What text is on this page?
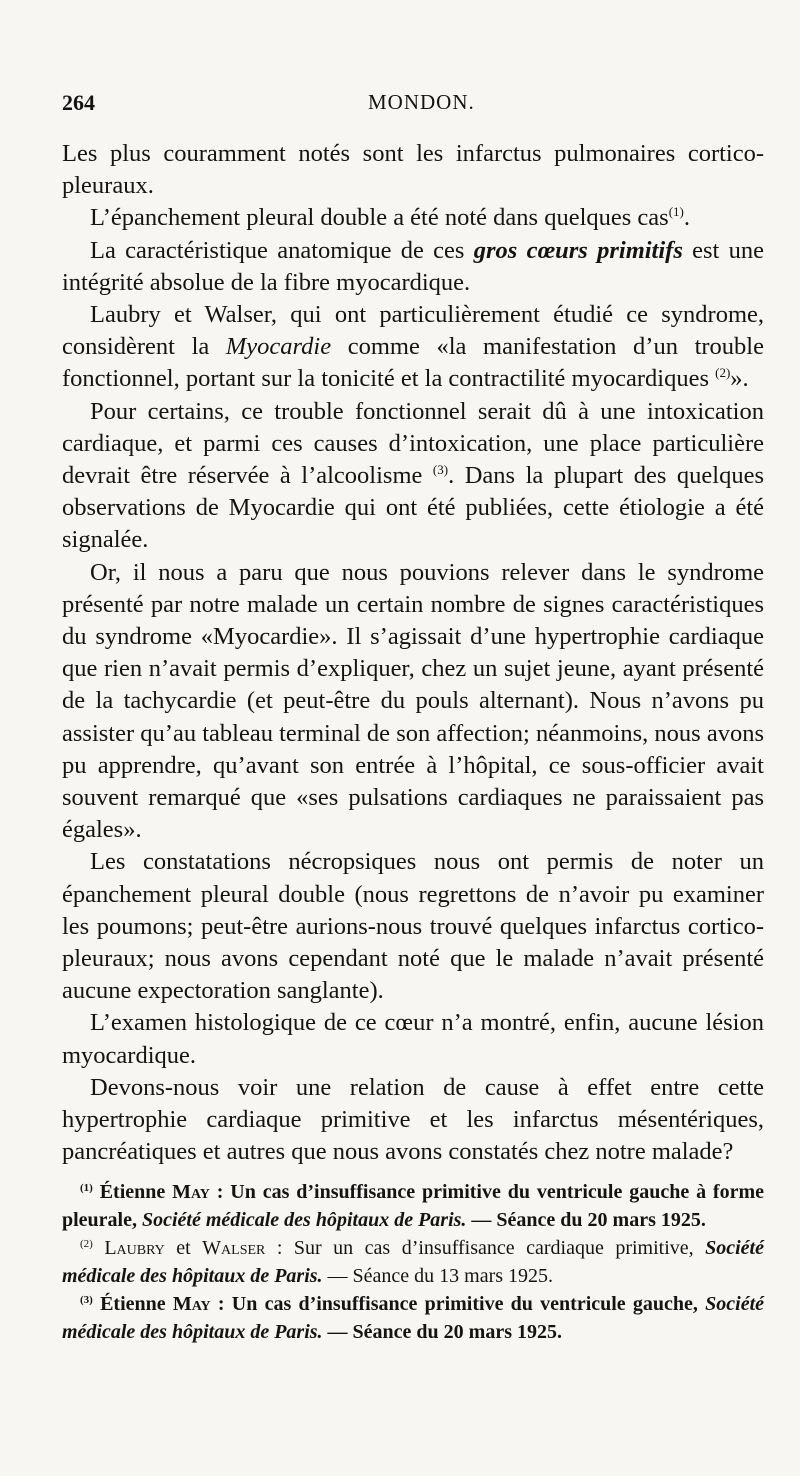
264	MONDON.

Les plus couramment notés sont les infarctus pulmonaires cortico-pleuraux.

L’épanchement pleural double a été noté dans quelques cas$^{(1)}$.

La caractéristique anatomique de ces gros cœurs primitifs est une intégrité absolue de la fibre myocardique.

Laubry et Walser, qui ont particulièrement étudié ce syndrome, considèrent la Myocardie comme «la manifestation d’un trouble fonctionnel, portant sur la tonicité et la contractilité myocardiques $^{(2)}$».

Pour certains, ce trouble fonctionnel serait dû à une intoxication cardiaque, et parmi ces causes d’intoxication, une place particulière devrait être réservée à l’alcoolisme $^{(3)}$. Dans la plupart des quelques observations de Myocardie qui ont été publiées, cette étiologie a été signalée.

Or, il nous a paru que nous pouvions relever dans le syndrome présenté par notre malade un certain nombre de signes caractéristiques du syndrome «Myocardie». Il s’agissait d’une hypertrophie cardiaque que rien n’avait permis d’expliquer, chez un sujet jeune, ayant présenté de la tachycardie (et peut-être du pouls alternant). Nous n’avons pu assister qu’au tableau terminal de son affection; néanmoins, nous avons pu apprendre, qu’avant son entrée à l’hôpital, ce sous-officier avait souvent remarqué que «ses pulsations cardiaques ne paraissaient pas égales».

Les constatations nécropsiques nous ont permis de noter un épanchement pleural double (nous regrettons de n’avoir pu examiner les poumons; peut-être aurions-nous trouvé quelques infarctus cortico-pleuraux; nous avons cependant noté que le malade n’avait présenté aucune expectoration sanglante).

L’examen histologique de ce cœur n’a montré, enfin, aucune lésion myocardique.

Devons-nous voir une relation de cause à effet entre cette hypertrophie cardiaque primitive et les infarctus mésentériques, pancréatiques et autres que nous avons constatés chez notre malade?

$^{(1)}$ Étienne May : Un cas d’insuffisance primitive du ventricule gauche à forme pleurale, Société médicale des hôpitaux de Paris. — Séance du 20 mars 1925.

$^{(2)}$ Laubry et Walser : Sur un cas d’insuffisance cardiaque primitive, Société médicale des hôpitaux de Paris. — Séance du 13 mars 1925.

$^{(3)}$ Étienne May : Un cas d’insuffisance primitive du ventricule gauche, Société médicale des hôpitaux de Paris. — Séance du 20 mars 1925.
